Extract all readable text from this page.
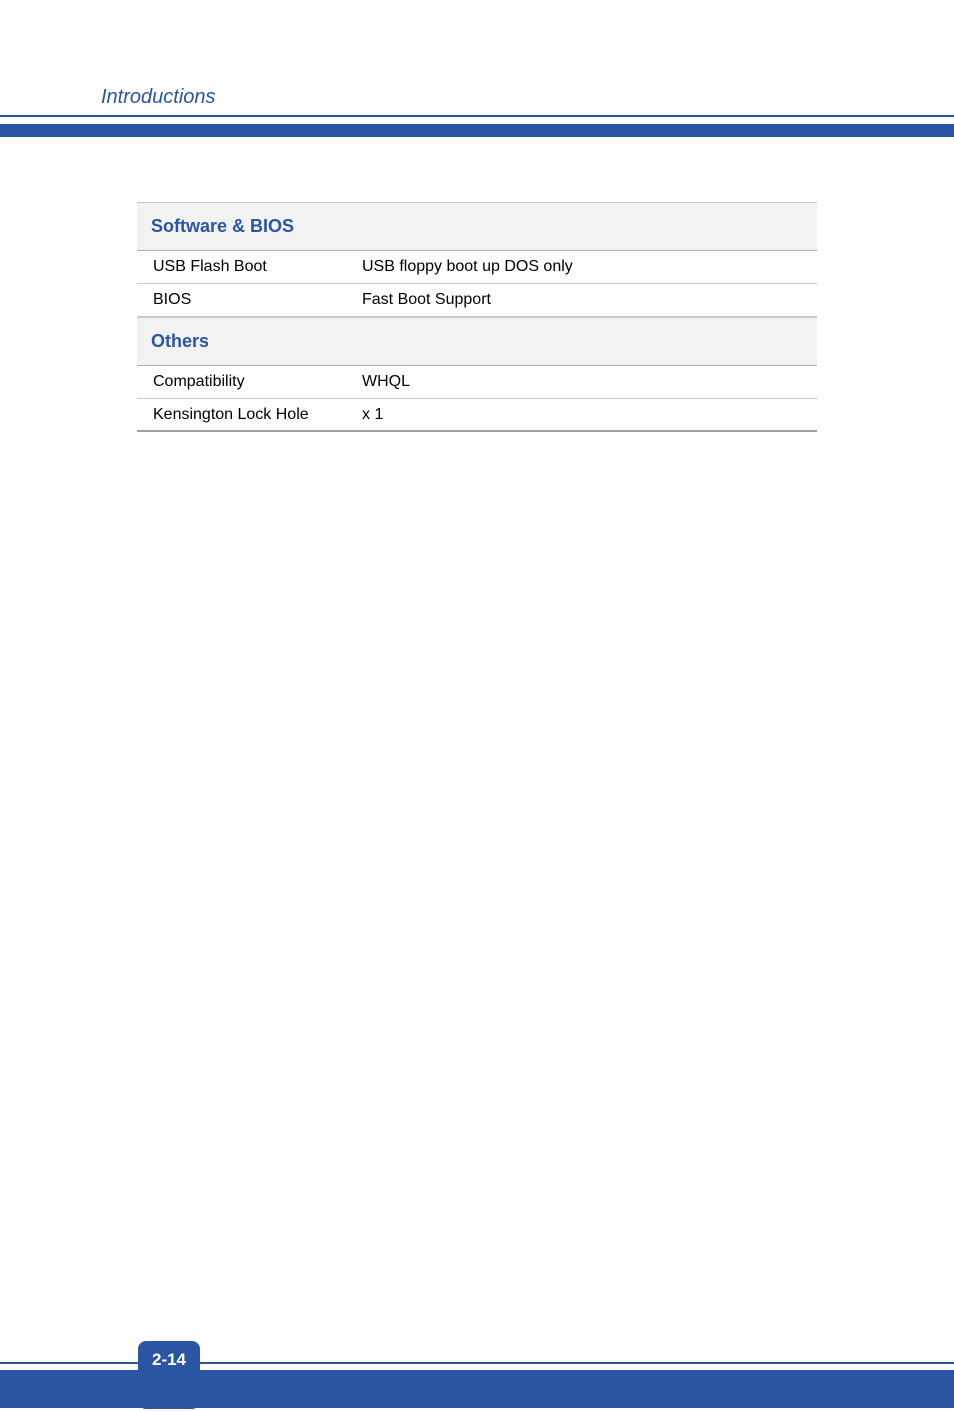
Introductions
Software & BIOS
USB Flash Boot	USB floppy boot up DOS only
BIOS	Fast Boot Support
Others
Compatibility	WHQL
Kensington Lock Hole	x 1
2-14
